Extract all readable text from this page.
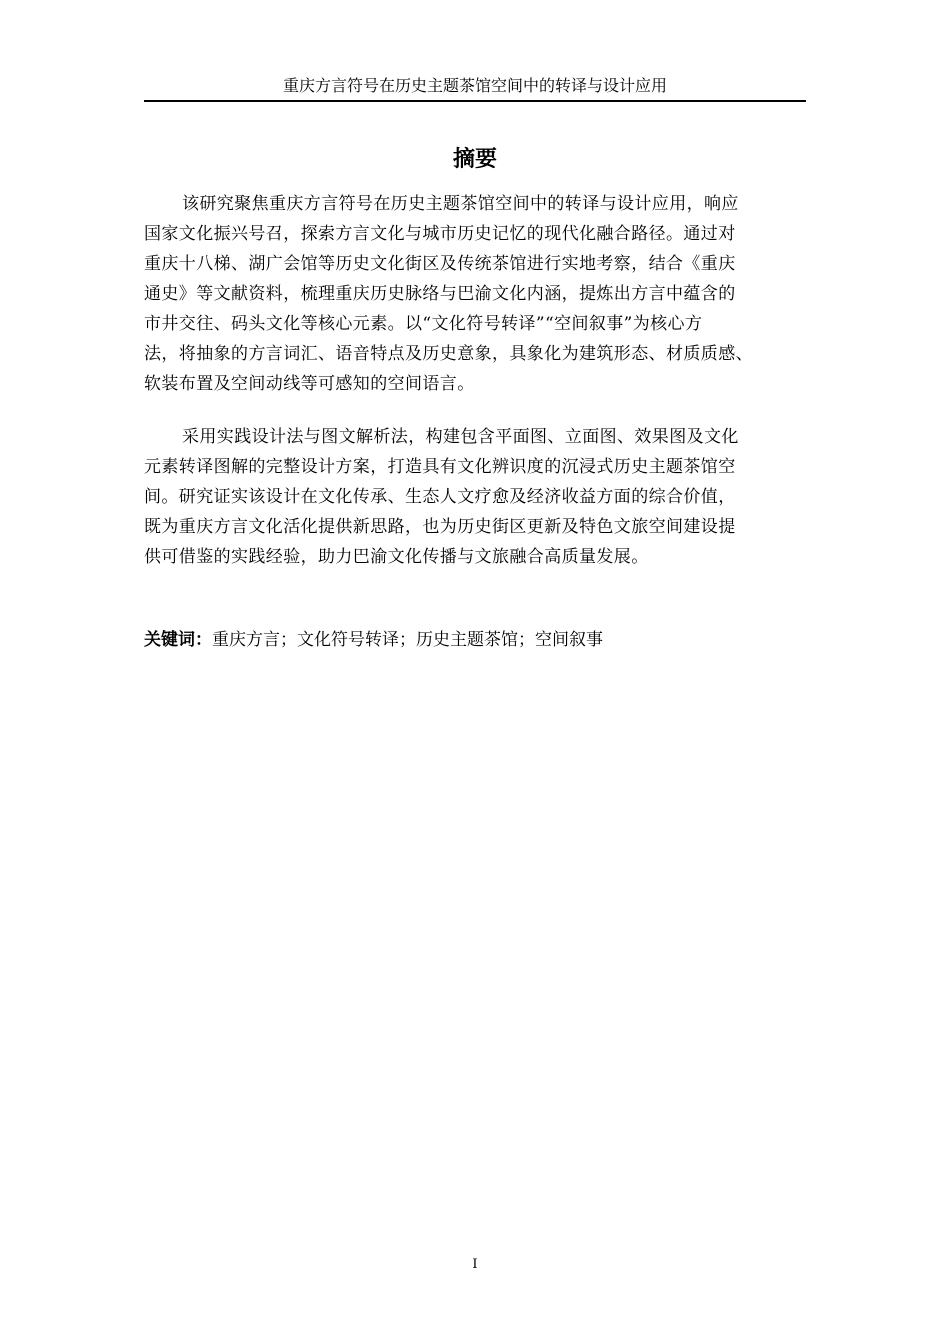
重庆方言符号在历史主题茶馆空间中的转译与设计应用
摘要
该研究聚焦重庆方言符号在历史主题茶馆空间中的转译与设计应用，响应
国家文化振兴号召，探索方言文化与城市历史记忆的现代化融合路径。通过对
重庆十八梯、湖广会馆等历史文化街区及传统茶馆进行实地考察，结合《重庆
通史》等文献资料，梳理重庆历史脉络与巴渝文化内涵，提炼出方言中蕴含的
市井交往、码头文化等核心元素。以“文化符号转译”“空间叙事”为核心方
法，将抽象的方言词汇、语音特点及历史意象，具象化为建筑形态、材质质感、
软装布置及空间动线等可感知的空间语言。
采用实践设计法与图文解析法，构建包含平面图、立面图、效果图及文化
元素转译图解的完整设计方案，打造具有文化辨识度的沉浸式历史主题茶馆空
间。研究证实该设计在文化传承、生态人文疗愈及经济收益方面的综合价值，
既为重庆方言文化活化提供新思路，也为历史街区更新及特色文旅空间建设提
供可借鉴的实践经验，助力巴渝文化传播与文旅融合高质量发展。
关键词：重庆方言；文化符号转译；历史主题茶馆；空间叙事
I
